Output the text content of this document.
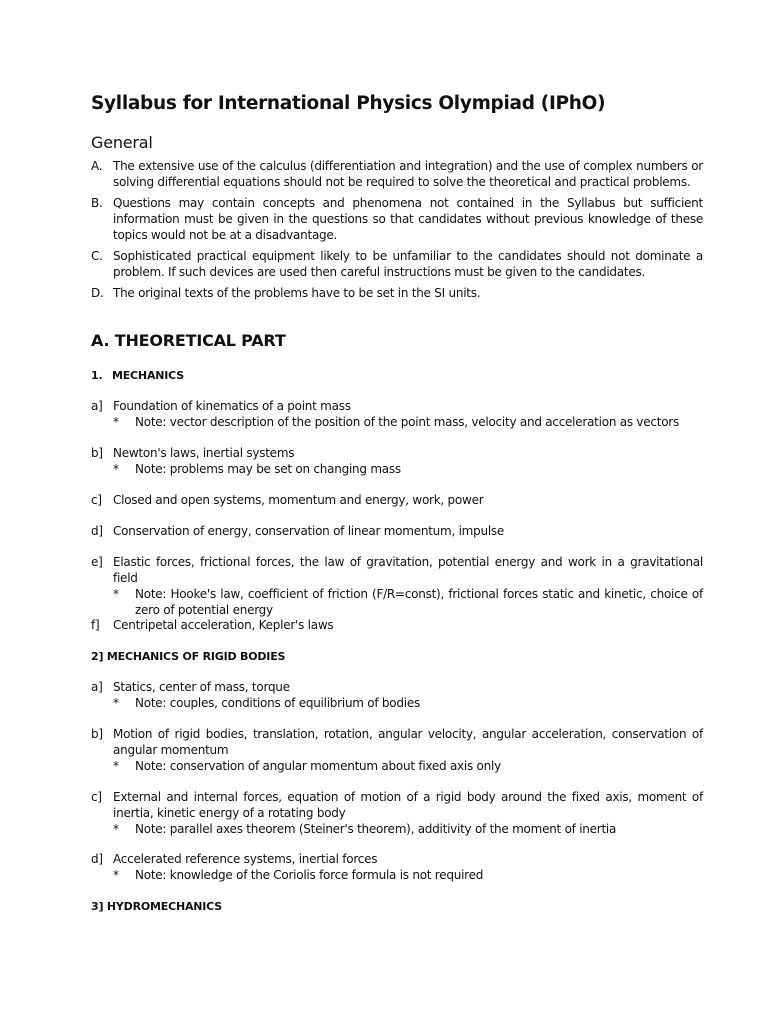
Syllabus for International Physics Olympiad (IPhO)
General
A. The extensive use of the calculus (differentiation and integration) and the use of complex numbers or solving differential equations should not be required to solve the theoretical and practical problems.
B. Questions may contain concepts and phenomena not contained in the Syllabus but sufficient information must be given in the questions so that candidates without previous knowledge of these topics would not be at a disadvantage.
C. Sophisticated practical equipment likely to be unfamiliar to the candidates should not dominate a problem. If such devices are used then careful instructions must be given to the candidates.
D. The original texts of the problems have to be set in the SI units.
A. THEORETICAL PART
1. MECHANICS
a] Foundation of kinematics of a point mass
* Note: vector description of the position of the point mass, velocity and acceleration as vectors
b] Newton's laws, inertial systems
* Note: problems may be set on changing mass
c] Closed and open systems, momentum and energy, work, power
d] Conservation of energy, conservation of linear momentum, impulse
e] Elastic forces, frictional forces, the law of gravitation, potential energy and work in a gravitational field
* Note: Hooke's law, coefficient of friction (F/R=const), frictional forces static and kinetic, choice of zero of potential energy
f] Centripetal acceleration, Kepler's laws
2] MECHANICS OF RIGID BODIES
a] Statics, center of mass, torque
* Note: couples, conditions of equilibrium of bodies
b] Motion of rigid bodies, translation, rotation, angular velocity, angular acceleration, conservation of angular momentum
* Note: conservation of angular momentum about fixed axis only
c] External and internal forces, equation of motion of a rigid body around the fixed axis, moment of inertia, kinetic energy of a rotating body
* Note: parallel axes theorem (Steiner's theorem), additivity of the moment of inertia
d] Accelerated reference systems, inertial forces
* Note: knowledge of the Coriolis force formula is not required
3] HYDROMECHANICS
